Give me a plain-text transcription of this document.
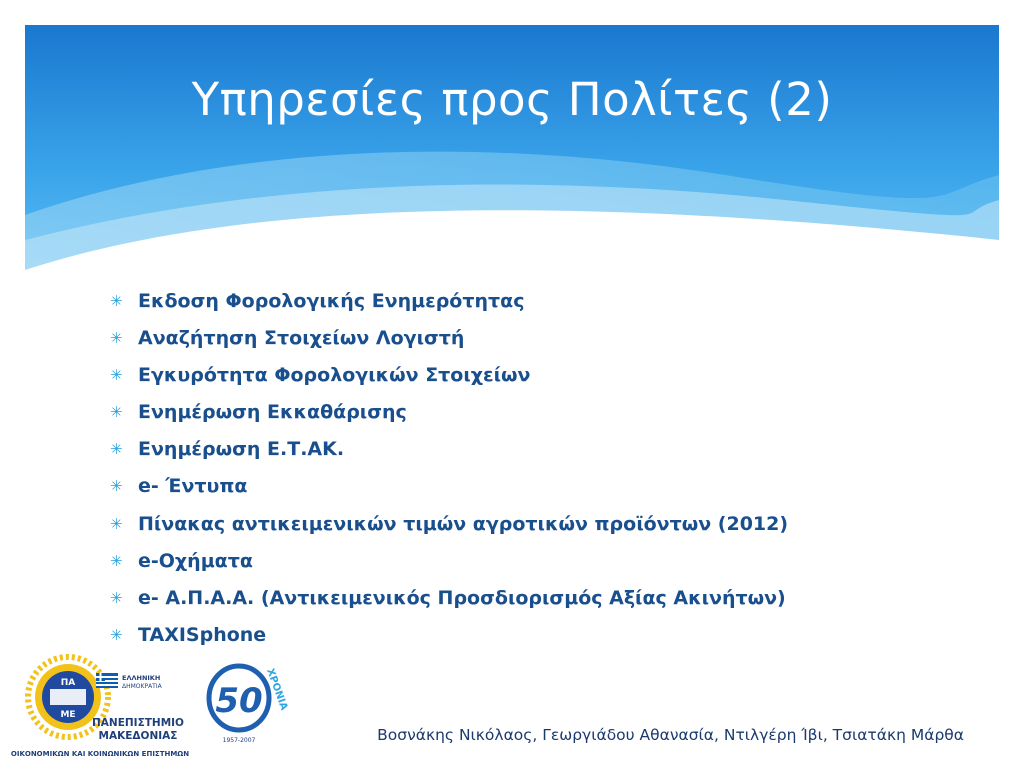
Υπηρεσίες προς Πολίτες (2)
✳ Εκδοση Φορολογικής Ενημερότητας
✳ Αναζήτηση Στοιχείων Λογιστή
✳ Εγκυρότητα Φορολογικών Στοιχείων
✳ Ενημέρωση Εκκαθάρισης
✳ Ενημέρωση Ε.Τ.ΑΚ.
✳ e- Έντυπα
✳ Πίνακας αντικειμενικών τιμών αγροτικών προϊόντων (2012)
✳ e-Οχήματα
✳ e- Α.Π.Α.Α. (Αντικειμενικός Προσδιορισμός Αξίας Ακινήτων)
✳ TAXISphone
ΠΑ
ΜΕ
ΕΛΛΗΝΙΚΗ
ΔΗΜΟΚΡΑΤΙΑ
ΠΑΝΕΠΙΣΤΗΜΙΟ
ΜΑΚΕΔΟΝΙΑΣ
ΟΙΚΟΝΟΜΙΚΩΝ ΚΑΙ ΚΟΙΝΩΝΙΚΩΝ ΕΠΙΣΤΗΜΩΝ
50 ΧΡΟΝΙΑ
1957-2007	Βοσνάκης Νικόλαος, Γεωργιάδου Αθανασία, Ντιλγέρη Ίβι, Τσιατάκη Μάρθα
